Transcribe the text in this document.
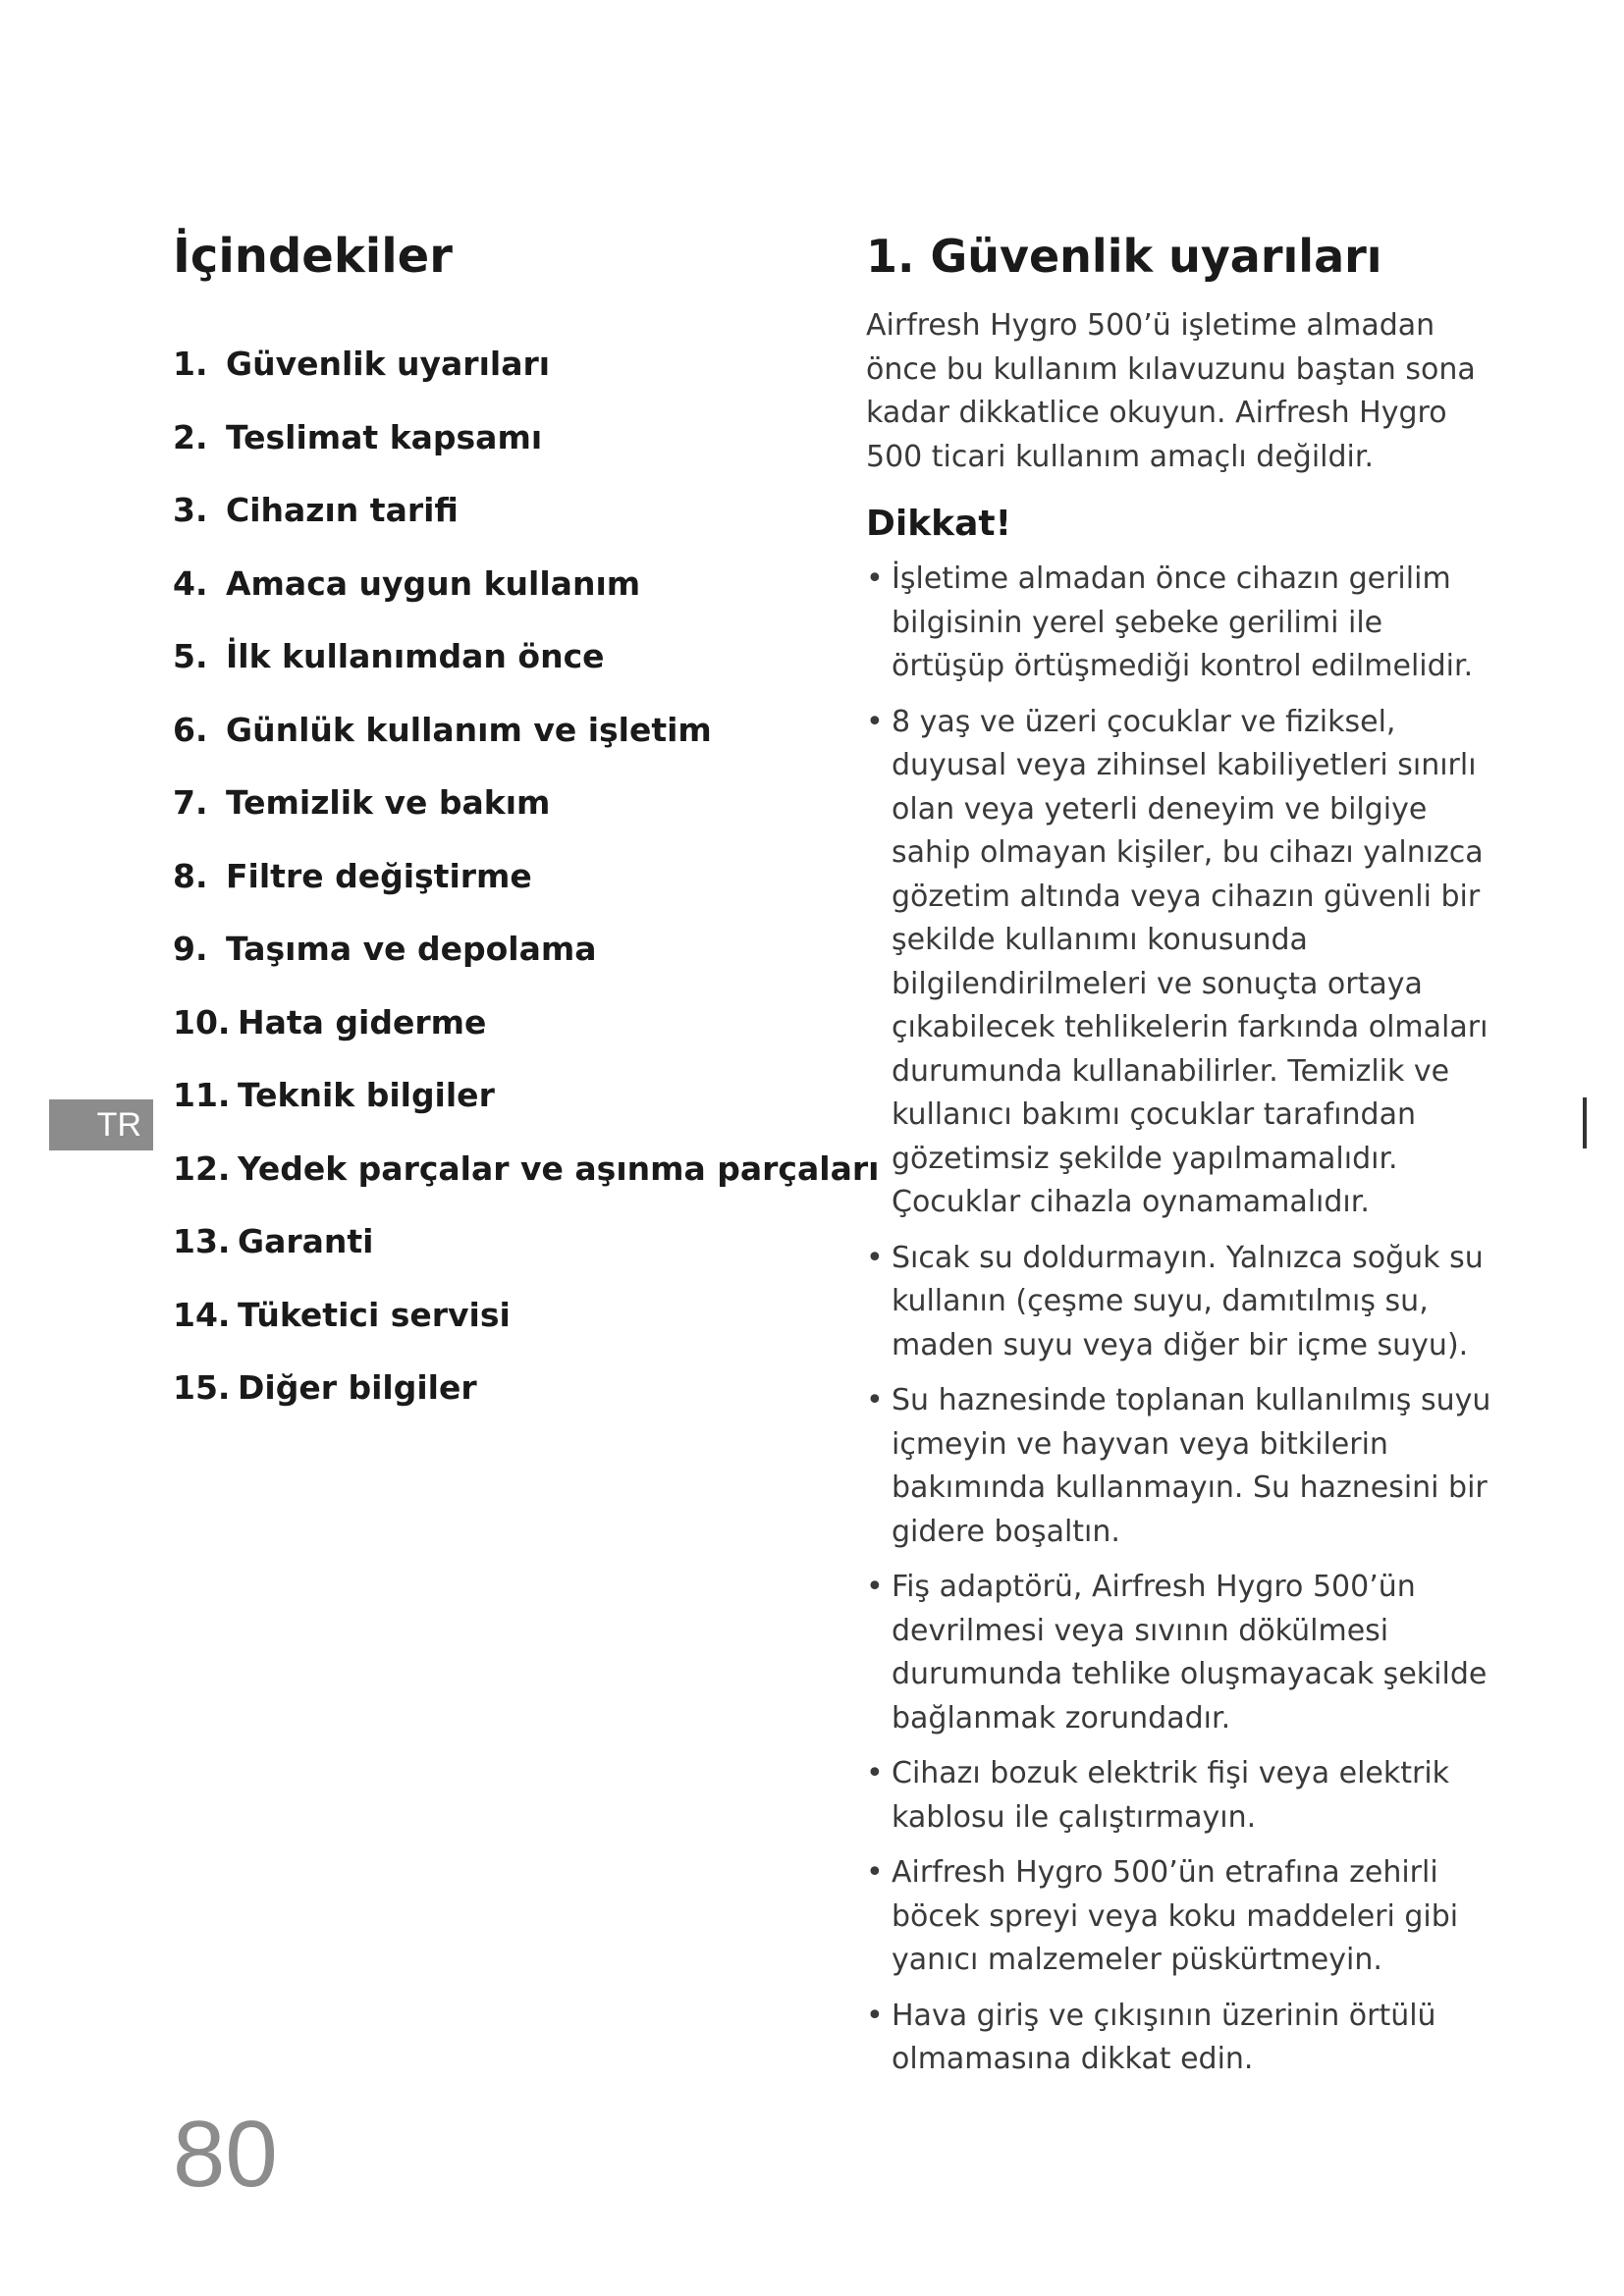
İçindekiler
1. Güvenlik uyarıları
2. Teslimat kapsamı
3. Cihazın tarifi
4. Amaca uygun kullanım
5. İlk kullanımdan önce
6. Günlük kullanım ve işletim
7. Temizlik ve bakım
8. Filtre değiştirme
9. Taşıma ve depolama
10. Hata giderme
11. Teknik bilgiler
12. Yedek parçalar ve aşınma parçaları
13. Garanti
14. Tüketici servisi
15. Diğer bilgiler
TR
1. Güvenlik uyarıları

Airfresh Hygro 500’ü işletime almadan önce bu kullanım kılavuzunu baştan sona kadar dikkatlice okuyun. Airfresh Hygro 500 ticari kullanım amaçlı değildir.

Dikkat!
• İşletime almadan önce cihazın gerilim bilgisinin yerel şebeke gerilimi ile örtüşüp örtüşmediği kontrol edilmelidir.
• 8 yaş ve üzeri çocuklar ve fiziksel, duyusal veya zihinsel kabiliyetleri sınırlı olan veya yeterli deneyim ve bilgiye sahip olmayan kişiler, bu cihazı yalnızca gözetim altında veya cihazın güvenli bir şekilde kullanımı konusunda bilgilendirilmeleri ve sonuçta ortaya çıkabilecek tehlikelerin farkında olmaları durumunda kullanabilirler. Temizlik ve kullanıcı bakımı çocuklar tarafından gözetimsiz şekilde yapılmamalıdır. Çocuklar cihazla oynamamalıdır.
• Sıcak su doldurmayın. Yalnızca soğuk su kullanın (çeşme suyu, damıtılmış su, maden suyu veya diğer bir içme suyu).
• Su haznesinde toplanan kullanılmış suyu içmeyin ve hayvan veya bitkilerin bakımında kullanmayın. Su haznesini bir gidere boşaltın.
• Fiş adaptörü, Airfresh Hygro 500’ün devrilmesi veya sıvının dökülmesi durumunda tehlike oluşmayacak şekilde bağlanmak zorundadır.
• Cihazı bozuk elektrik fişi veya elektrik kablosu ile çalıştırmayın.
• Airfresh Hygro 500’ün etrafına zehirli böcek spreyi veya koku maddeleri gibi yanıcı malzemeler püskürtmeyin.
• Hava giriş ve çıkışının üzerinin örtülü olmamasına dikkat edin.
80
